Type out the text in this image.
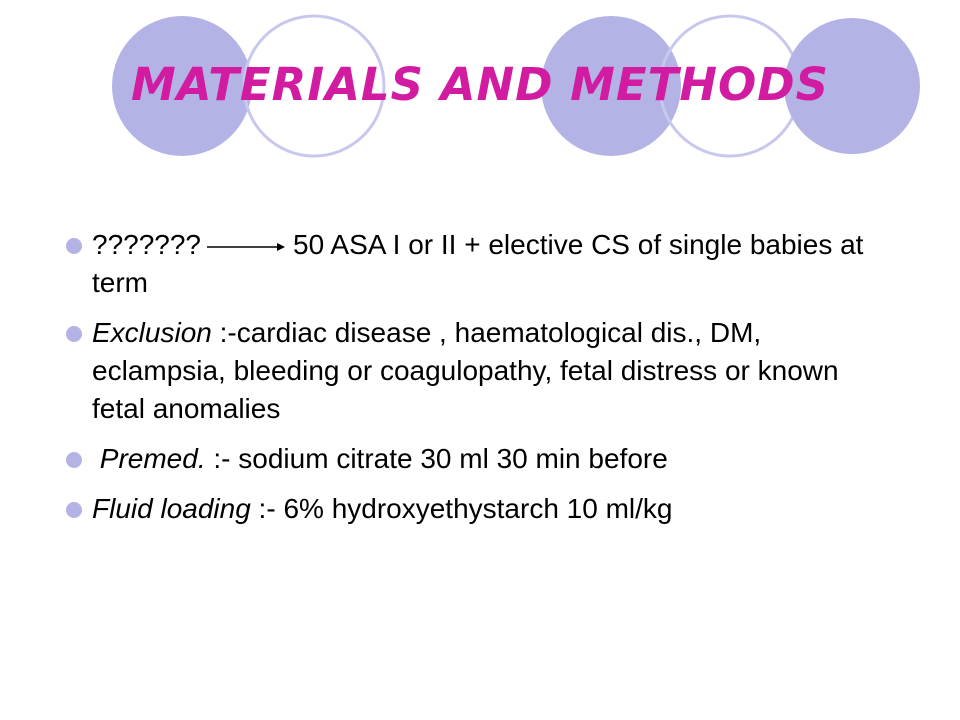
MATERIALS AND METHODS
???????	50 ASA I or II + elective CS of single babies at term
Exclusion :-cardiac disease , haematological dis., DM, eclampsia, bleeding or coagulopathy, fetal distress or known fetal anomalies
Premed. :- sodium citrate 30 ml 30 min before
Fluid loading :- 6% hydroxyethystarch 10 ml/kg
